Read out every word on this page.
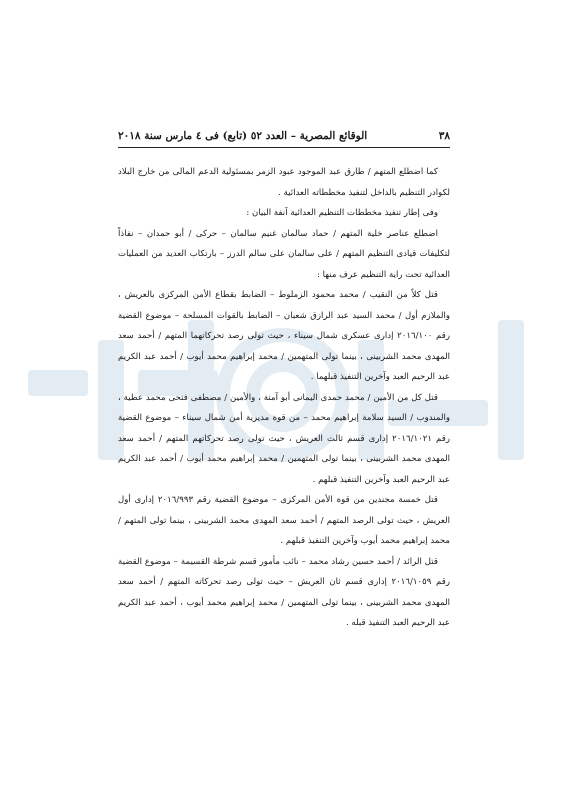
٣٨
الوقائع المصرية – العدد ٥٢ (تابع) فى ٤ مارس سنة ٢٠١٨

كما اضطلع المتهم / طارق عبد الموجود عبود الزمر بمسئولية الدعم المالى من خارج البلاد لكوادر التنظيم بالداخل لتنفيذ مخططاته العدائية .

وفى إطار تنفيذ مخططات التنظيم العدائية آنفة البيان :

اضطلع عناصر خلية المتهم / حماد سالمان غنيم سالمان – حركى / أبو حمدان – نفاذاً لتكليفات قيادى التنظيم المتهم / على سالمان على سالم الدرز – بارتكاب العديد من العمليات العدائية تحت راية التنظيم عرف منها :

قتل كلاً من النقيب / محمد محمود الزملوط – الضابط بقطاع الأمن المركزى بالعريش ، والملازم أول / محمد السيد عبد الرازق شعبان – الضابط بالقوات المسلحة – موضوع القضية رقم ٢٠١٦/١٠٠ إدارى عسكرى شمال سيناء ، حيث تولى رصد تحركاتهما المتهم / أحمد سعد المهدى محمد الشربينى ، بينما تولى المتهمين / محمد إبراهيم محمد أيوب / أحمد عبد الكريم عبد الرحيم العبد وآخرين التنفيذ قبلهما .

قتل كل من الأمين / محمد حمدى اليمانى أبو آمنة ، والأمين / مصطفى فتحى محمد عطية ، والمندوب / السيد سلامة إبراهيم محمد – من قوة مديرية أمن شمال سيناء – موضوع القضية رقم ٢٠١٦/١٠٢١ إدارى قسم ثالث العريش ، حيث تولى رصد تحركاتهم المتهم / أحمد سعد المهدى محمد الشربينى ، بينما تولى المتهمين / محمد إبراهيم محمد أيوب / أحمد عبد الكريم عبد الرحيم العبد وآخرين التنفيذ قبلهم .

قتل خمسة مجندين من قوة الأمن المركزى – موضوع القضية رقم ٢٠١٦/٩٩٣ إدارى أول العريش ، حيث تولى الرصد المتهم / أحمد سعد المهدى محمد الشربينى ، بينما تولى المتهم / محمد إبراهيم محمد أيوب وآخرين التنفيذ قبلهم .

قتل الرائد / أحمد حسين رشاد محمد – نائب مأمور قسم شرطة القسيمة – موضوع القضية رقم ٢٠١٦/١٠٥٩ إدارى قسم ثان العريش – حيث تولى رصد تحركاته المتهم / أحمد سعد المهدى محمد الشربينى ، بينما تولى المتهمين / محمد إبراهيم محمد أيوب ، أحمد عبد الكريم عبد الرحيم العبد التنفيذ قبله .
